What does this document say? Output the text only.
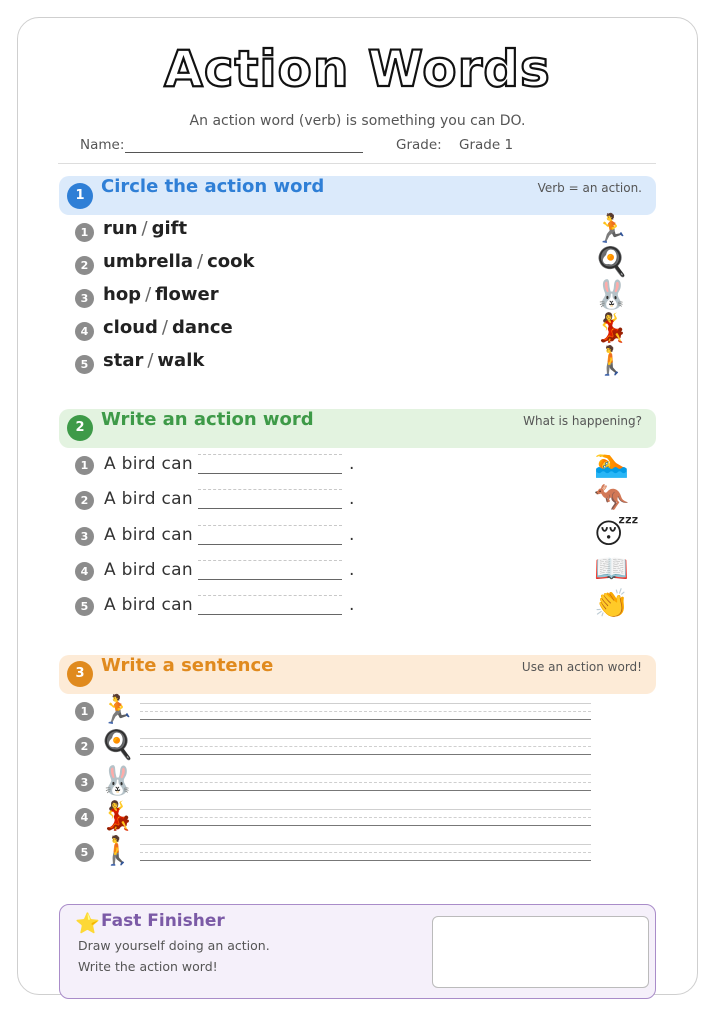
Action Words
An action word (verb) is something you can DO.
Name:	Grade: Grade 1
1 Circle the action word	Verb = an action.
1 run / gift	🏃
2 umbrella / cook	🍳
3 hop / flower	🐰
4 cloud / dance	💃
5 star / walk	🚶
2 Write an action word	What is happening?
1 A bird can	.	🏊
2 A bird can	.	🦘
3 A bird can	.	😴
4 A bird can	.	📖
5 A bird can	.	👏
3 Write a sentence	Use an action word!
1 🏃
2 🍳
3 🐰
4 💃
5 🚶
⭐ Fast Finisher
Draw yourself doing an action.
Write the action word!
